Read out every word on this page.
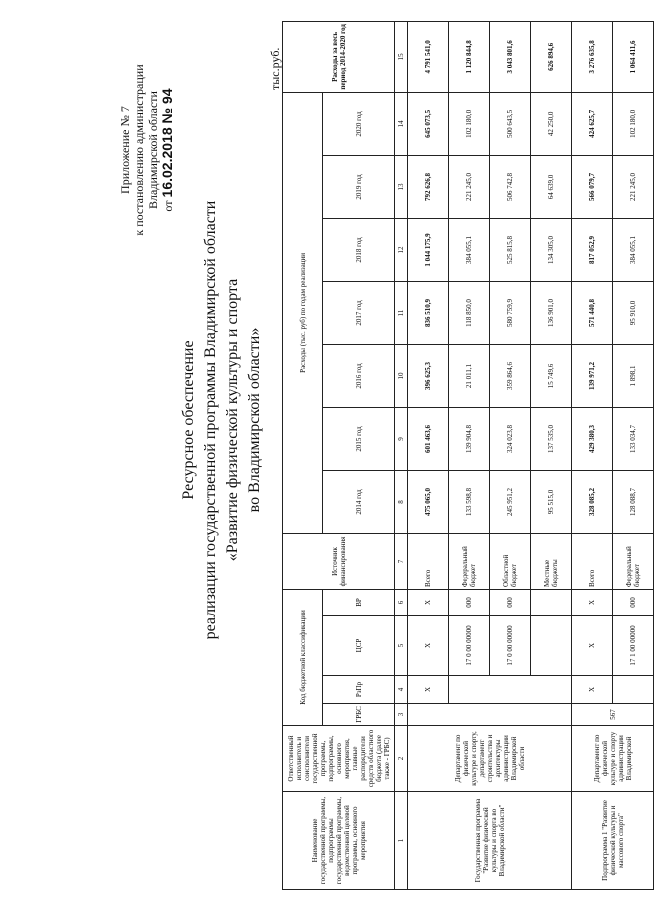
Приложение № 7 к постановлению администрации Владимирской области от 16.02.2018 № 94
Ресурсное обеспечение реализации государственной программы Владимирской области «Развитие физической культуры и спорта во Владимирской области»
тыс.руб.
Наименование государственной программы, подпрограммы государственной программы, ведомственной целевой программы, основного мероприятия	Ответственный исполнитель и соисполнители государственной программы, подпрограммы, основного мероприятия, главные распорядители средств областного бюджета (далее также - ГРБС)	Код бюджетной классификации				Источник финансирования	Расходы (тыс. руб) по годам реализации							Расходы за весь период 2014-2020 год
		ГРБС	РзПр	ЦСР	ВР		2014 год	2015 год	2016 год	2017 год	2018 год	2019 год	2020 год	
1	2	3	4	5	6	7	8	9	10	11	12	13	14	15
Государственная программа "Развитие физической культуры и спорта во Владимирской области"	Департамент по физической культуре и спорту, департамент строительства и архитектуры администрации Владимирской области		X	X	X	Всего	475 065,0	601 463,6	396 625,3	836 510,9	1 044 175,9	792 626,8	645 073,5	4 791 541,0
				17 0 00 00000	000	Федеральный бюджет	133 598,8	139 904,8	21 011,1	118 850,0	384 055,1	221 245,0	102 180,0	1 120 844,8
				17 0 00 00000	000	Областной бюджет	245 951,2	324 023,8	359 864,6	580 759,9	525 815,8	506 742,8	500 643,5	3 043 801,6
						Местные бюджеты	95 515,0	137 535,0	15 749,6	136 901,0	134 305,0	64 639,0	42 250,0	626 894,6
Подпрограмма 1 "Развитие физической культуры и массового спорта"	Департамент по физической культуре и спорту администрации Владимирской	567	X	X	X	Всего	328 085,2	429 380,3	139 971,2	571 440,8	817 052,9	566 079,7	424 625,7	3 276 635,8
				17 1 00 00000	000	Федеральный бюджет	128 088,7	133 034,7	1 898,1	95 910,0	384 055,1	221 245,0	102 180,0	1 064 411,6
